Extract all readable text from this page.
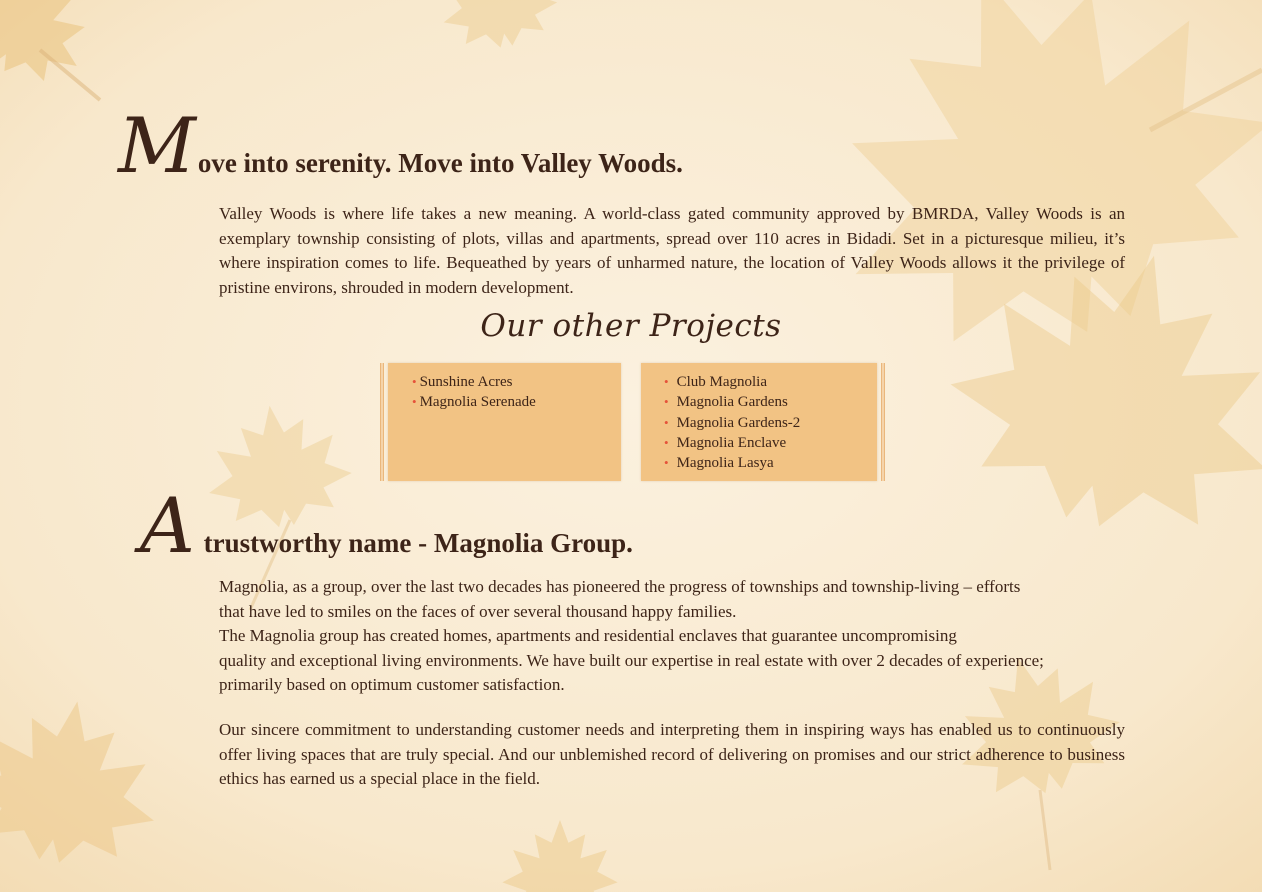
Move into serenity. Move into Valley Woods.

Valley Woods is where life takes a new meaning. A world-class gated community approved by BMRDA, Valley Woods is an exemplary township consisting of plots, villas and apartments, spread over 110 acres in Bidadi. Set in a picturesque milieu, it’s where inspiration comes to life. Bequeathed by years of unharmed nature, the location of Valley Woods allows it the privilege of pristine environs, shrouded in modern development.

Our other Projects
• Sunshine Acres
• Magnolia Serenade
• Club Magnolia
• Magnolia Gardens
• Magnolia Gardens-2
• Magnolia Enclave
• Magnolia Lasya
A trustworthy name - Magnolia Group.
Magnolia, as a group, over the last two decades has pioneered the progress of townships and township-living – efforts
that have led to smiles on the faces of over several thousand happy families.
The Magnolia group has created homes, apartments and residential enclaves that guarantee uncompromising
quality and exceptional living environments. We have built our expertise in real estate with over 2 decades of experience;
primarily based on optimum customer satisfaction.

Our sincere commitment to understanding customer needs and interpreting them in inspiring ways has enabled us to continuously offer living spaces that are truly special. And our unblemished record of delivering on promises and our strict adherence to business ethics has earned us a special place in the field.
